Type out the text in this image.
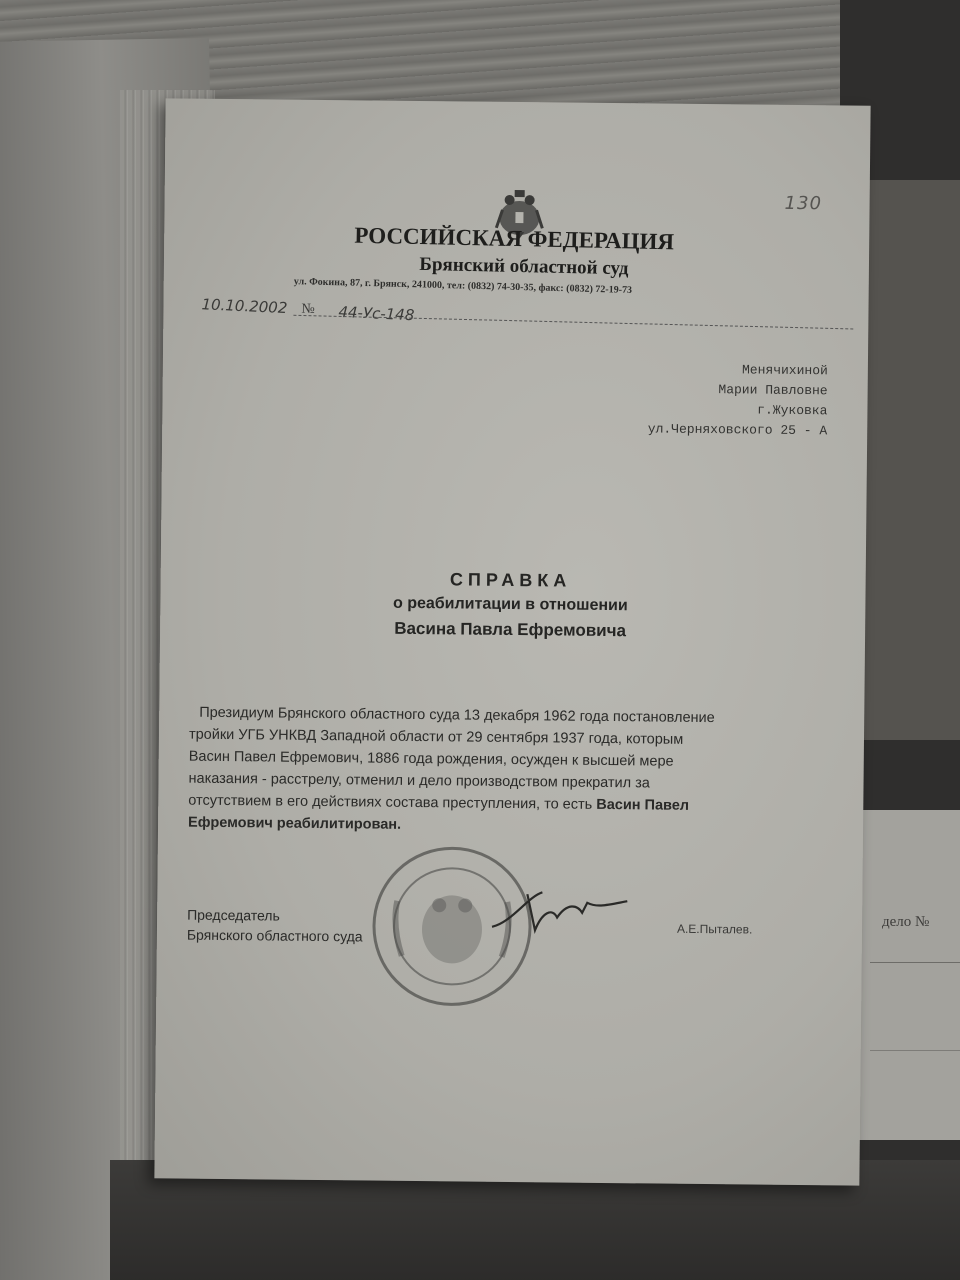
дело №
130
РОССИЙСКАЯ ФЕДЕРАЦИЯ
Брянский областной суд
ул. Фокина, 87, г. Брянск, 241000, тел: (0832) 74-30-35, факс: (0832) 72-19-73
10.10.2002 № 44-Ус-148
Менячихиной
Марии Павловне
г.Жуковка
ул.Черняховского 25 - А
СПРАВКА
о реабилитации в отношении
Васина Павла Ефремовича
Президиум Брянского областного суда 13 декабря 1962 года постановление
тройки УГБ УНКВД Западной области от 29 сентября 1937 года, которым
Васин Павел Ефремович, 1886 года рождения, осужден к высшей мере
наказания - расстрелу, отменил и дело производством прекратил за
отсутствием в его действиях состава преступления, то есть Васин Павел
Ефремович реабилитирован.
Председатель
Брянского областного суда	А.Е.Пыталев.
